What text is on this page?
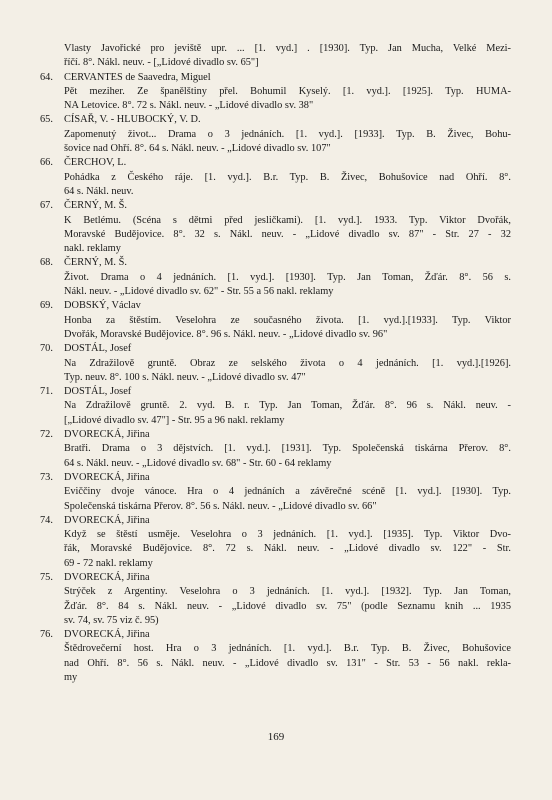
Vlasty Javořické pro jeviště upr. ... [1. vyd.] . [1930]. Typ. Jan Mucha, Velké Mezi-
říčí. 8°. Nákl. neuv. - [„Lidové divadlo sv. 65"]
64. CERVANTES de Saavedra, Miguel
Pět meziher. Ze španělštiny přel. Bohumil Kyselý. [1. vyd.]. [1925]. Typ. HUMA-
NA Letovice. 8°. 72 s. Nákl. neuv. - „Lidové divadlo sv. 38"
65. CÍSAŘ, V. - HLUBOCKÝ, V. D.
Zapomenutý život... Drama o 3 jednáních. [1. vyd.]. [1933]. Typ. B. Živec, Bohu-
šovice nad Ohří. 8°. 64 s. Nákl. neuv. - „Lidové divadlo sv. 107"
66. ČERCHOV, L.
Pohádka z Českého ráje. [1. vyd.]. B.r. Typ. B. Živec, Bohušovice nad Ohří. 8°.
64 s. Nákl. neuv.
67. ČERNÝ, M. Š.
K Betlému. (Scéna s dětmi před jesličkami). [1. vyd.]. 1933. Typ. Viktor Dvořák,
Moravské Budějovice. 8°. 32 s. Nákl. neuv. - „Lidové divadlo sv. 87" - Str. 27 - 32
nakl. reklamy
68. ČERNÝ, M. Š.
Život. Drama o 4 jednáních. [1. vyd.]. [1930]. Typ. Jan Toman, Žďár. 8°. 56 s.
Nákl. neuv. - „Lidové divadlo sv. 62" - Str. 55 a 56 nakl. reklamy
69. DOBSKÝ, Václav
Honba za štěstím. Veselohra ze současného života. [1. vyd.].[1933]. Typ. Viktor
Dvořák, Moravské Budějovice. 8°. 96 s. Nákl. neuv. - „Lidové divadlo sv. 96"
70. DOSTÁL, Josef
Na Zdražilově gruntě. Obraz ze selského života o 4 jednáních. [1. vyd.].[1926].
Typ. neuv. 8°. 100 s. Nákl. neuv. - „Lidové divadlo sv. 47"
71. DOSTÁL, Josef
Na Zdražilově gruntě. 2. vyd. B. r. Typ. Jan Toman, Žďár. 8°. 96 s. Nákl. neuv. -
[„Lidové divadlo sv. 47"] - Str. 95 a 96 nakl. reklamy
72. DVORECKÁ, Jiřina
Bratři. Drama o 3 dějstvích. [1. vyd.]. [1931]. Typ. Společenská tiskárna Přerov. 8°.
64 s. Nákl. neuv. - „Lidové divadlo sv. 68" - Str. 60 - 64 reklamy
73. DVORECKÁ, Jiřina
Eviččiny dvoje vánoce. Hra o 4 jednáních a závěrečné scéně [1. vyd.]. [1930]. Typ.
Společenská tiskárna Přerov. 8°. 56 s. Nákl. neuv. - „Lidové divadlo sv. 66"
74. DVORECKÁ, Jiřina
Když se štěstí usměje. Veselohra o 3 jednáních. [1. vyd.]. [1935]. Typ. Viktor Dvo-
řák, Moravské Budějovice. 8°. 72 s. Nákl. neuv. - „Lidové divadlo sv. 122" - Str.
69 - 72 nakl. reklamy
75. DVORECKÁ, Jiřina
Strýček z Argentiny. Veselohra o 3 jednáních. [1. vyd.]. [1932]. Typ. Jan Toman,
Žďár. 8°. 84 s. Nákl. neuv. - „Lidové divadlo sv. 75" (podle Seznamu knih ... 1935
sv. 74, sv. 75 viz č. 95)
76. DVORECKÁ, Jiřina
Štědrovečerní host. Hra o 3 jednáních. [1. vyd.]. B.r. Typ. B. Živec, Bohušovice
nad Ohří. 8°. 56 s. Nákl. neuv. - „Lidové divadlo sv. 131" - Str. 53 - 56 nakl. rekla-
my
169
